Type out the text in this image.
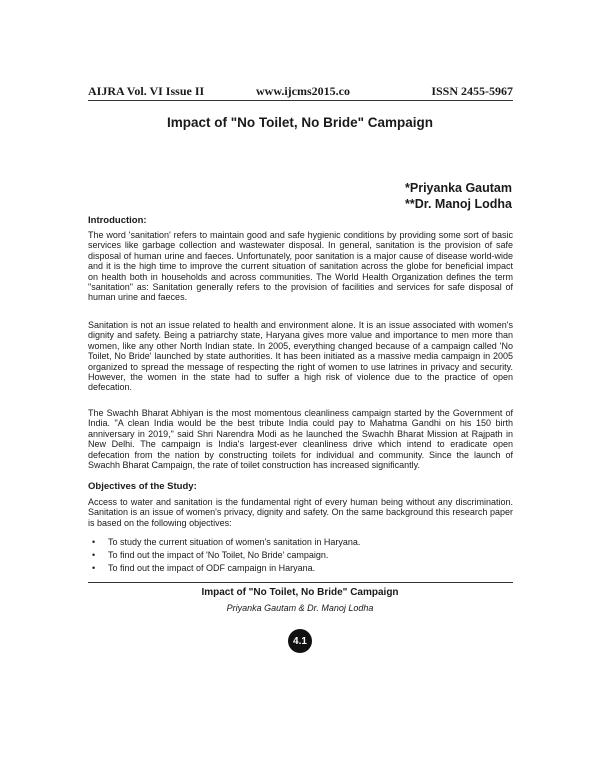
AIJRA Vol. VI Issue II	www.ijcms2015.co	ISSN 2455-5967
Impact of "No Toilet, No Bride" Campaign
*Priyanka Gautam
**Dr. Manoj Lodha
Introduction:

The word 'sanitation' refers to maintain good and safe hygienic conditions by providing some sort of basic services like garbage collection and wastewater disposal. In general, sanitation is the provision of safe disposal of human urine and faeces. Unfortunately, poor sanitation is a major cause of disease world-wide and it is the high time to improve the current situation of sanitation across the globe for beneficial impact on health both in households and across communities. The World Health Organization defines the term "sanitation" as: Sanitation generally refers to the provision of facilities and services for safe disposal of human urine and faeces.

Sanitation is not an issue related to health and environment alone. It is an issue associated with women's dignity and safety. Being a patriarchy state, Haryana gives more value and importance to men more than women, like any other North Indian state. In 2005, everything changed because of a campaign called 'No Toilet, No Bride' launched by state authorities. It has been initiated as a massive media campaign in 2005 organized to spread the message of respecting the right of women to use latrines in privacy and security. However, the women in the state had to suffer a high risk of violence due to the practice of open defecation.

The Swachh Bharat Abhiyan is the most momentous cleanliness campaign started by the Government of India. "A clean India would be the best tribute India could pay to Mahatma Gandhi on his 150 birth anniversary in 2019," said Shri Narendra Modi as he launched the Swachh Bharat Mission at Rajpath in New Delhi. The campaign is India's largest-ever cleanliness drive which intend to eradicate open defecation from the nation by constructing toilets for individual and community. Since the launch of Swachh Bharat Campaign, the rate of toilet construction has increased significantly.

Objectives of the Study:

Access to water and sanitation is the fundamental right of every human being without any discrimination. Sanitation is an issue of women's privacy, dignity and safety. On the same background this research paper is based on the following objectives:

• To study the current situation of women's sanitation in Haryana.
• To find out the impact of 'No Toilet, No Bride' campaign.
• To find out the impact of ODF campaign in Haryana.
Impact of "No Toilet, No Bride" Campaign
Priyanka Gautam & Dr. Manoj Lodha
4.1
